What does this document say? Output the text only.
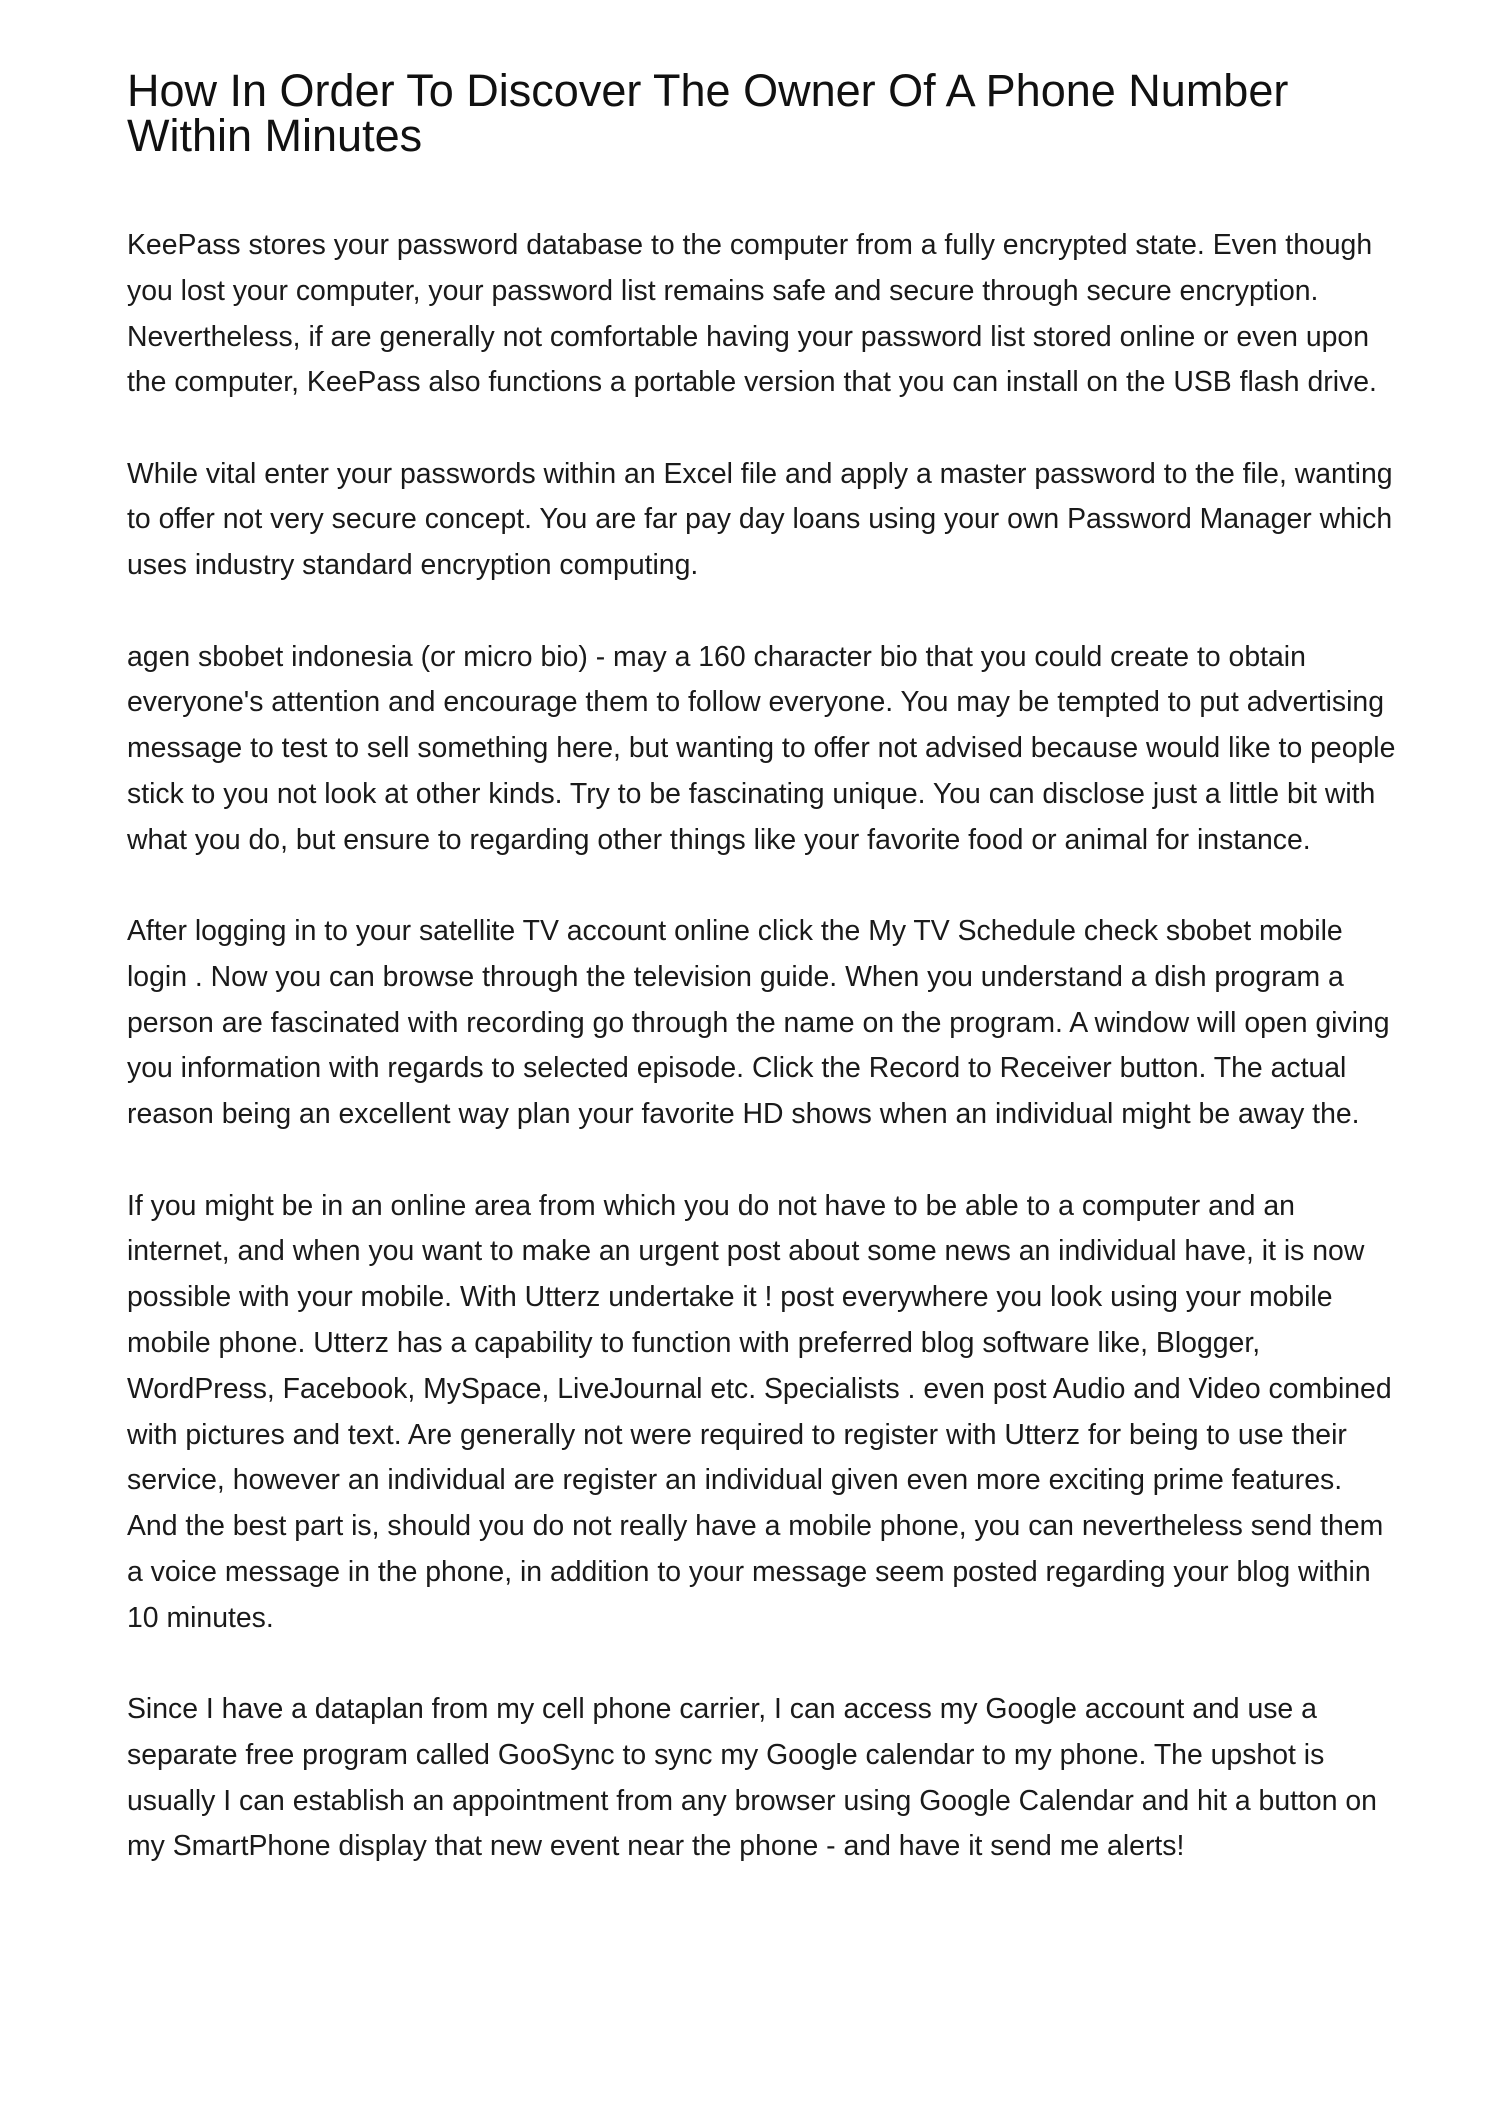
How In Order To Discover The Owner Of A Phone Number Within Minutes

KeePass stores your password database to the computer from a fully encrypted state. Even though you lost your computer, your password list remains safe and secure through secure encryption. Nevertheless, if are generally not comfortable having your password list stored online or even upon the computer, KeePass also functions a portable version that you can install on the USB flash drive.

While vital enter your passwords within an Excel file and apply a master password to the file, wanting to offer not very secure concept. You are far pay day loans using your own Password Manager which uses industry standard encryption computing.

agen sbobet indonesia (or micro bio) - may a 160 character bio that you could create to obtain everyone's attention and encourage them to follow everyone. You may be tempted to put advertising message to test to sell something here, but wanting to offer not advised because would like to people stick to you not look at other kinds. Try to be fascinating unique. You can disclose just a little bit with what you do, but ensure to regarding other things like your favorite food or animal for instance.

After logging in to your satellite TV account online click the My TV Schedule check sbobet mobile login . Now you can browse through the television guide. When you understand a dish program a person are fascinated with recording go through the name on the program. A window will open giving you information with regards to selected episode. Click the Record to Receiver button. The actual reason being an excellent way plan your favorite HD shows when an individual might be away the.

If you might be in an online area from which you do not have to be able to a computer and an internet, and when you want to make an urgent post about some news an individual have, it is now possible with your mobile. With Utterz undertake it ! post everywhere you look using your mobile mobile phone. Utterz has a capability to function with preferred blog software like, Blogger, WordPress, Facebook, MySpace, LiveJournal etc. Specialists . even post Audio and Video combined with pictures and text. Are generally not were required to register with Utterz for being to use their service, however an individual are register an individual given even more exciting prime features. And the best part is, should you do not really have a mobile phone, you can nevertheless send them a voice message in the phone, in addition to your message seem posted regarding your blog within 10 minutes.

Since I have a dataplan from my cell phone carrier, I can access my Google account and use a separate free program called GooSync to sync my Google calendar to my phone. The upshot is usually I can establish an appointment from any browser using Google Calendar and hit a button on my SmartPhone display that new event near the phone - and have it send me alerts!
